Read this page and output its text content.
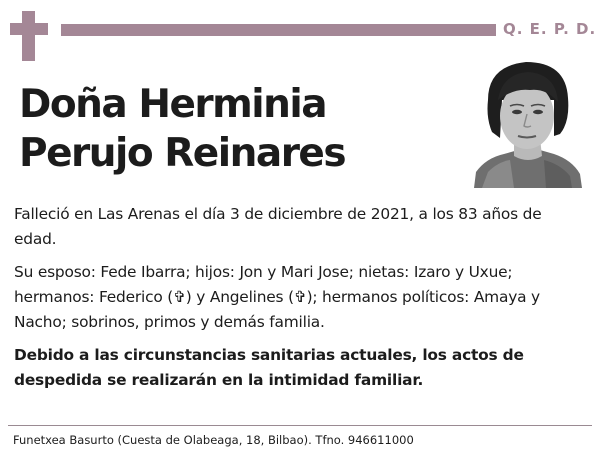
Q. E. P. D.
Doña Herminia
Perujo Reinares

Falleció en Las Arenas el día 3 de diciembre de 2021, a los 83 años de edad.

Su esposo: Fede Ibarra; hijos: Jon y Mari Jose; nietas: Izaro y Uxue; hermanos: Federico (✞) y Angelines (✞); hermanos políticos: Amaya y Nacho; sobrinos, primos y demás familia.

Debido a las circunstancias sanitarias actuales, los actos de despedida se realizarán en la intimidad familiar.

Funetxea Basurto (Cuesta de Olabeaga, 18, Bilbao). Tfno. 946611000
